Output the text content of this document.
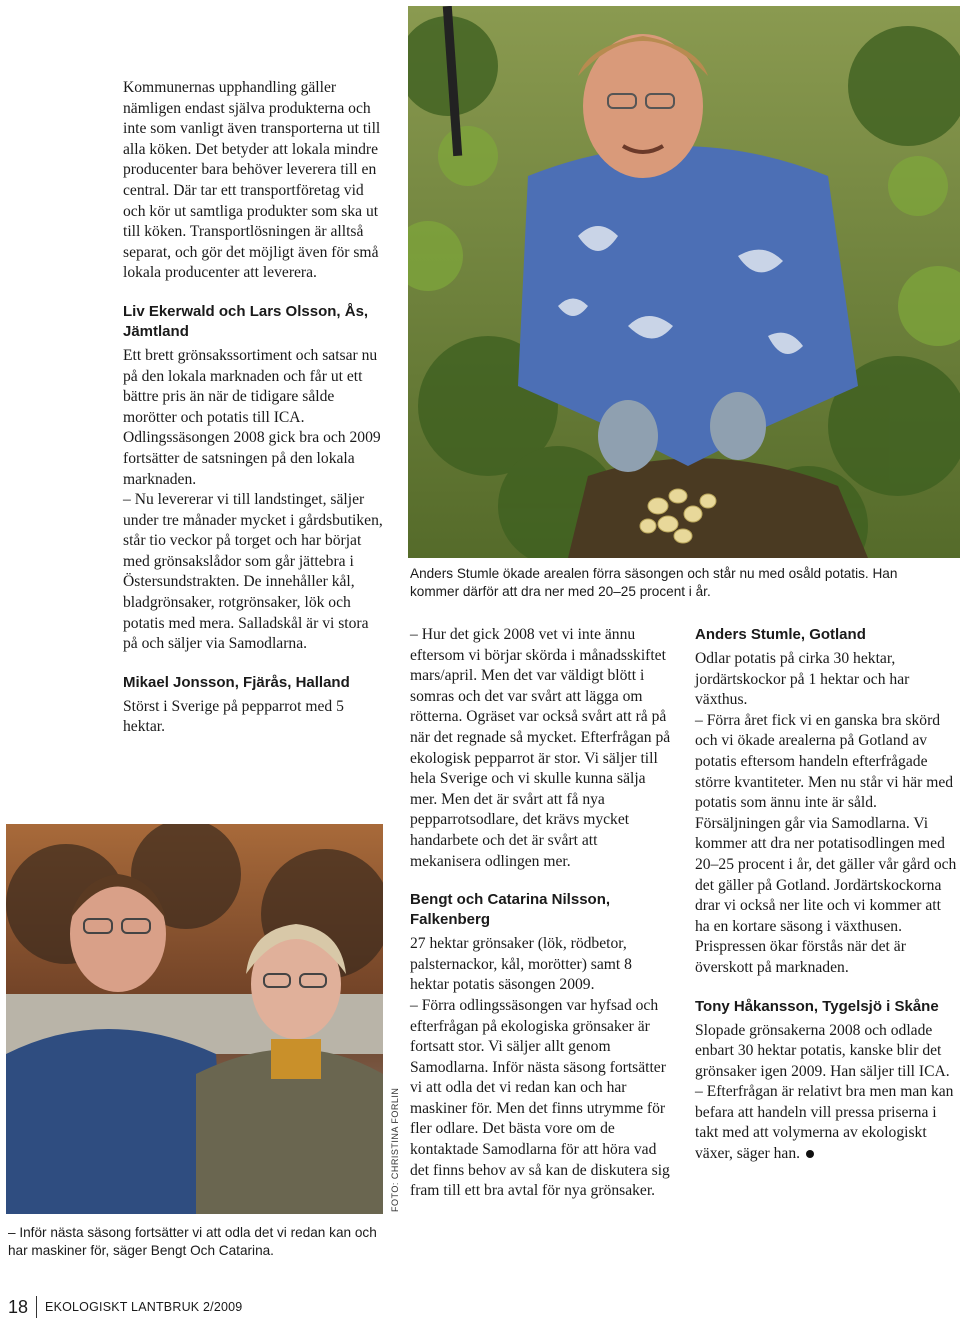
Anders Stumle ökade arealen förra säsongen och står nu med osåld potatis. Han kommer därför att dra ner med 20–25 procent i år.
FOTO: CHRISTINA FORLIN
– Inför nästa säsong fortsätter vi att odla det vi redan kan och har maskiner för, säger Bengt Och Catarina.

Kommunernas upphandling gäller nämligen endast själva produkterna och inte som vanligt även transporterna ut till alla köken. Det betyder att lokala mindre producenter bara behöver leverera till en central. Där tar ett transportföretag vid och kör ut samtliga produkter som ska ut till köken. Transportlösningen är alltså separat, och gör det möjligt även för små lokala producenter att leverera.

Liv Ekerwald och Lars Olsson, Ås, Jämtland

Ett brett grönsakssortiment och satsar nu på den lokala marknaden och får ut ett bättre pris än när de tidigare sålde morötter och potatis till ICA. Odlingssäsongen 2008 gick bra och 2009 fortsätter de satsningen på den lokala marknaden.

– Nu levererar vi till landstinget, säljer under tre månader mycket i gårdsbutiken, står tio veckor på torget och har börjat med grönsakslådor som går jättebra i Östersundstrakten. De innehåller kål, bladgrönsaker, rotgrönsaker, lök och potatis med mera. Salladskål är vi stora på och säljer via Samodlarna.

Mikael Jonsson, Fjärås, Halland

Störst i Sverige på pepparrot med 5 hektar.

– Hur det gick 2008 vet vi inte ännu eftersom vi börjar skörda i månadsskiftet mars/april. Men det var väldigt blött i somras och det var svårt att lägga om rötterna. Ogräset var också svårt att rå på när det regnade så mycket. Efterfrågan på ekologisk pepparrot är stor. Vi säljer till hela Sverige och vi skulle kunna sälja mer. Men det är svårt att få nya pepparrotsodlare, det krävs mycket handarbete och det är svårt att mekanisera odlingen mer.

Bengt och Catarina Nilsson, Falkenberg

27 hektar grönsaker (lök, rödbetor, palsternackor, kål, morötter) samt 8 hektar potatis säsongen 2009.

– Förra odlingssäsongen var hyfsad och efterfrågan på ekologiska grönsaker är fortsatt stor. Vi säljer allt genom Samodlarna. Inför nästa säsong fortsätter vi att odla det vi redan kan och har maskiner för. Men det finns utrymme för fler odlare. Det bästa vore om de kontaktade Samodlarna för att höra vad det finns behov av så kan de diskutera sig fram till ett bra avtal för nya grönsaker.

Anders Stumle, Gotland

Odlar potatis på cirka 30 hektar, jordärtskockor på 1 hektar och har växthus.

– Förra året fick vi en ganska bra skörd och vi ökade arealerna på Gotland av potatis eftersom handeln efterfrågade större kvantiteter. Men nu står vi här med potatis som ännu inte är såld. Försäljningen går via Samodlarna. Vi kommer att dra ner potatisodlingen med 20–25 procent i år, det gäller vår gård och det gäller på Gotland. Jordärtskockorna drar vi också ner lite och vi kommer att ha en kortare säsong i växthusen. Prispressen ökar förstås när det är överskott på marknaden.

Tony Håkansson, Tygelsjö i Skåne

Slopade grönsakerna 2008 och odlade enbart 30 hektar potatis, kanske blir det grönsaker igen 2009. Han säljer till ICA.

– Efterfrågan är relativt bra men man kan befara att handeln vill pressa priserna i takt med att volymerna av ekologiskt växer, säger han.

18 EKOLOGISKT LANTBRUK 2/2009
